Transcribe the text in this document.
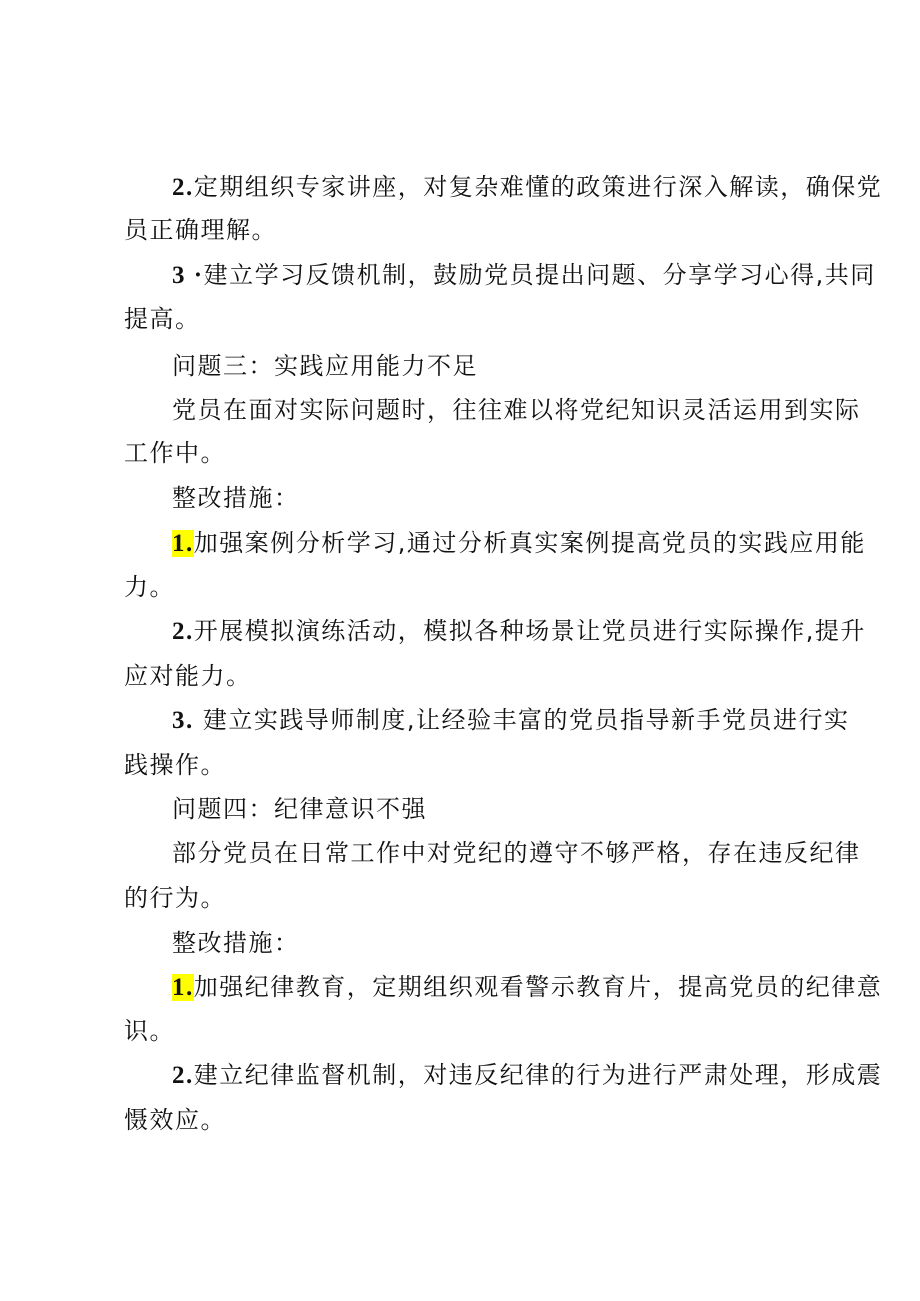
2.定期组织专家讲座，对复杂难懂的政策进行深入解读，确保党
员正确理解。
3 ·建立学习反馈机制，鼓励党员提出问题、分享学习心得,共同
提高。
问题三：实践应用能力不足
党员在面对实际问题时，往往难以将党纪知识灵活运用到实际
工作中。
整改措施：
1.加强案例分析学习,通过分析真实案例提高党员的实践应用能
力。
2.开展模拟演练活动，模拟各种场景让党员进行实际操作,提升
应对能力。
3. 建立实践导师制度,让经验丰富的党员指导新手党员进行实
践操作。
问题四：纪律意识不强
部分党员在日常工作中对党纪的遵守不够严格，存在违反纪律
的行为。
整改措施：
1.加强纪律教育，定期组织观看警示教育片，提高党员的纪律意
识。
2.建立纪律监督机制，对违反纪律的行为进行严肃处理，形成震
慑效应。
